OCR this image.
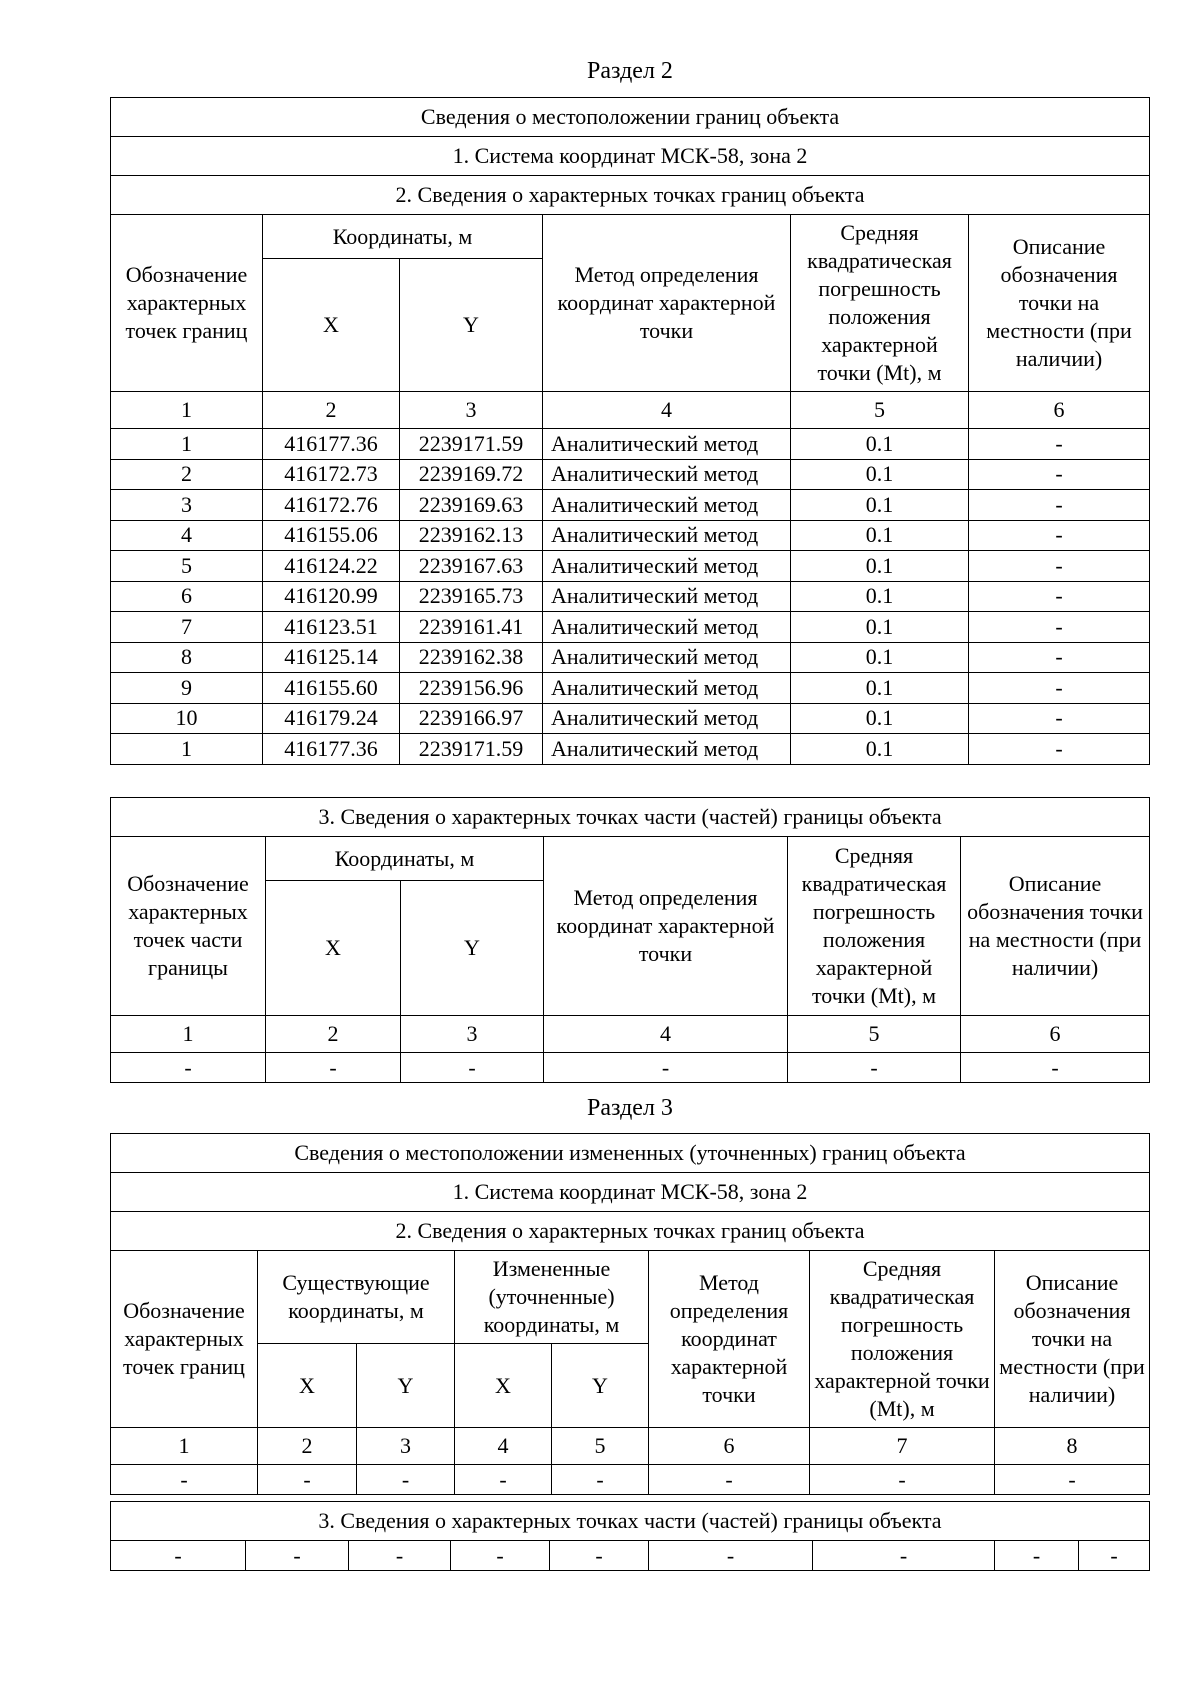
Раздел 2
Сведения о местоположении границ объекта					
1. Система координат МСК-58, зона 2					
2. Сведения о характерных точках границ объекта					
Обозначение характерных точек границ	Координаты, м		Метод определения координат характерной точки	Средняя квадратическая погрешность положения характерной точки (Mt), м	Описание обозначения точки на местности (при наличии)
	X	Y			
1	2	3	4	5	6
1	416177.36	2239171.59	Аналитический метод	0.1	-
2	416172.73	2239169.72	Аналитический метод	0.1	-
3	416172.76	2239169.63	Аналитический метод	0.1	-
4	416155.06	2239162.13	Аналитический метод	0.1	-
5	416124.22	2239167.63	Аналитический метод	0.1	-
6	416120.99	2239165.73	Аналитический метод	0.1	-
7	416123.51	2239161.41	Аналитический метод	0.1	-
8	416125.14	2239162.38	Аналитический метод	0.1	-
9	416155.60	2239156.96	Аналитический метод	0.1	-
10	416179.24	2239166.97	Аналитический метод	0.1	-
1	416177.36	2239171.59	Аналитический метод	0.1	-
3. Сведения о характерных точках части (частей) границы объекта					
Обозначение характерных точек части границы	Координаты, м		Метод определения координат характерной точки	Средняя квадратическая погрешность положения характерной точки (Mt), м	Описание обозначения точки на местности (при наличии)
	X	Y			
1	2	3	4	5	6
-	-	-	-	-	-
Раздел 3
Сведения о местоположении измененных (уточненных) границ объекта							
1. Система координат МСК-58, зона 2							
2. Сведения о характерных точках границ объекта							
Обозначение характерных точек границ	Существующие координаты, м		Измененные (уточненные) координаты, м		Метод определения координат характерной точки	Средняя квадратическая погрешность положения характерной точки (Mt), м	Описание обозначения точки на местности (при наличии)
	X	Y	X	Y			
1	2	3	4	5	6	7	8
-	-	-	-	-	-	-	-
3. Сведения о характерных точках части (частей) границы объекта
-	-	-	-	-	-	-	-	-
